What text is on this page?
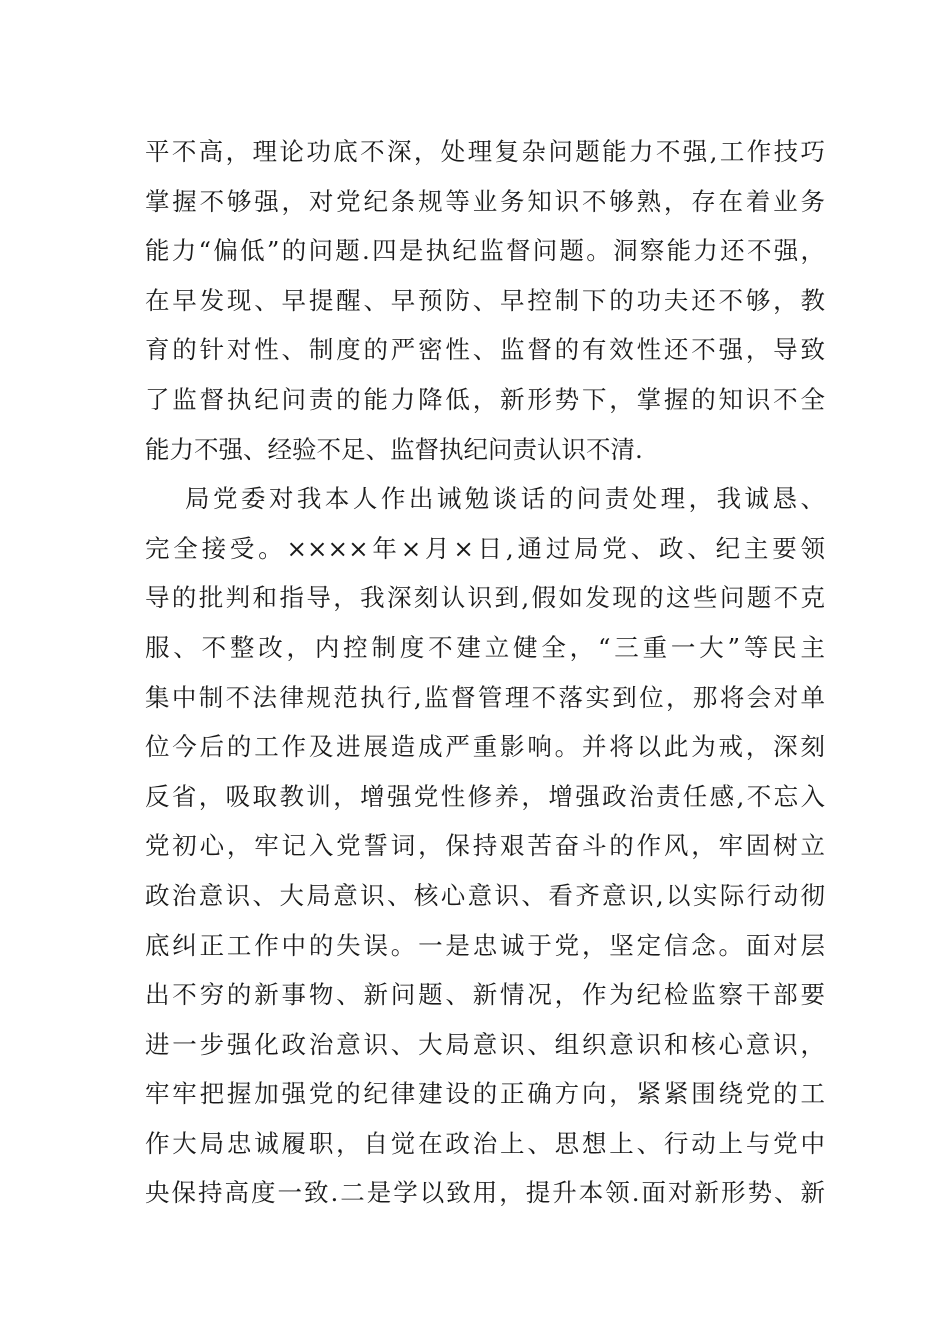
平不高，理论功底不深，处理复杂问题能力不强,工作技巧
掌握不够强，对党纪条规等业务知识不够熟，存在着业务
能力“偏低”的问题.四是执纪监督问题。洞察能力还不强，
在早发现、早提醒、早预防、早控制下的功夫还不够，教
育的针对性、制度的严密性、监督的有效性还不强，导致
了监督执纪问责的能力降低，新形势下，掌握的知识不全
能力不强、经验不足、监督执纪问责认识不清.
局党委对我本人作出诫勉谈话的问责处理，我诚恳、
完全接受。××××年×月×日,通过局党、政、纪主要领
导的批判和指导，我深刻认识到,假如发现的这些问题不克
服、不整改，内控制度不建立健全，“三重一大”等民主
集中制不法律规范执行,监督管理不落实到位，那将会对单
位今后的工作及进展造成严重影响。并将以此为戒，深刻
反省，吸取教训，增强党性修养，增强政治责任感,不忘入
党初心，牢记入党誓词，保持艰苦奋斗的作风，牢固树立
政治意识、大局意识、核心意识、看齐意识,以实际行动彻
底纠正工作中的失误。一是忠诚于党，坚定信念。面对层
出不穷的新事物、新问题、新情况，作为纪检监察干部要
进一步强化政治意识、大局意识、组织意识和核心意识，
牢牢把握加强党的纪律建设的正确方向，紧紧围绕党的工
作大局忠诚履职，自觉在政治上、思想上、行动上与党中
央保持高度一致.二是学以致用，提升本领.面对新形势、新
